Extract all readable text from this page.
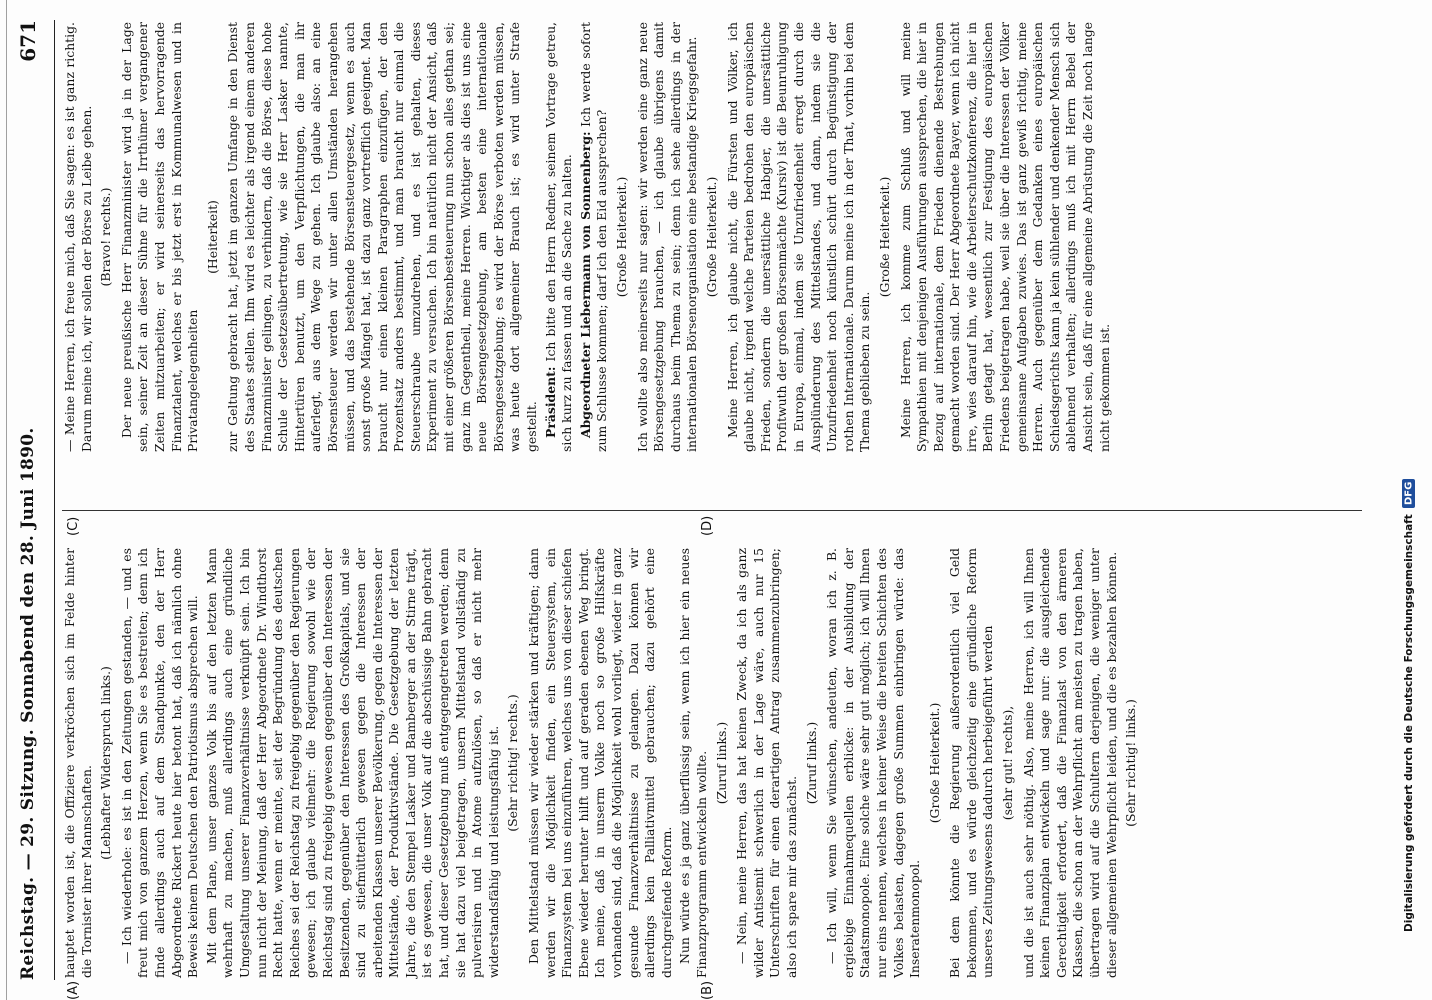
Reichstag. — 29. Sitzung. Sonnabend den 28. Juni 1890.
671
(A)	(B)
(C)	(D)

hauptet worden ist, die Offiziere verkröchen sich im Felde hinter die Tornister ihrer Mannschaften.

(Lebhafter Widerspruch links.) — Ich wiederhole: es ist in den Zeitungen gestanden, — und es freut mich von ganzem Herzen, wenn Sie es bestreiten; denn ich finde allerdings auch auf dem Standpunkte, den der Herr Abgeordnete Rickert heute hier betont hat, daß ich nämlich ohne Beweis keinem Deutschen den Patriotismus absprechen will. Mit dem Plane, unser ganzes Volk bis auf den letzten Mann wehrhaft zu machen, muß allerdings auch eine gründliche Umgestaltung unserer Finanzverhältnisse verknüpft sein. Ich bin nun nicht der Meinung, daß der Herr Abgeordnete Dr. Windthorst Recht hatte, wenn er meinte, seit der Begründung des deutschen Reiches sei der Reichstag zu freigebig gegenüber den Regierungen gewesen; ich glaube vielmehr: die Regierung sowohl wie der Reichstag sind zu freigebig gewesen gegenüber den Interessen der Besitzenden, gegenüber den Interessen des Großkapitals, und sie sind zu stiefmütterlich gewesen gegen die Interessen der arbeitenden Klassen unserer Bevölkerung, gegen die Interessen der Mittelstände, der Produktivstände. Die Gesetzgebung der letzten Jahre, die den Stempel Lasker und Bamberger an der Stirne trägt, ist es gewesen, die unser Volk auf die abschüssige Bahn gebracht hat, und dieser Gesetzgebung muß entgegengetreten werden; denn sie hat dazu viel beigetragen, unsern Mittelstand vollständig zu pulverisiren und in Atome aufzulösen, so daß er nicht mehr widerstandsfähig und leistungsfähig ist. (Sehr richtig! rechts.) Den Mittelstand müssen wir wieder stärken und kräftigen; dann werden wir die Möglichkeit finden, ein Steuersystem, ein Finanzsystem bei uns einzuführen, welches uns von dieser schiefen Ebene wieder herunter hilft und auf geraden ebenen Weg bringt. Ich meine, daß in unserm Volke noch so große Hilfskräfte vorhanden sind, daß die Möglichkeit wohl vorliegt, wieder in ganz gesunde Finanzverhältnisse zu gelangen. Dazu können wir allerdings kein Palliativmittel gebrauchen; dazu gehört eine durchgreifende Reform. Nun würde es ja ganz überflüssig sein, wenn ich hier ein neues Finanzprogramm entwickeln wollte. (Zuruf links.) — Nein, meine Herren, das hat keinen Zweck, da ich als ganz wilder Antisemit schwerlich in der Lage wäre, auch nur 15 Unterschriften für einen derartigen Antrag zusammenzubringen; also ich spare mir das zunächst.

(Zuruf links.) — Ich will, wenn Sie wünschen, andeuten, woran ich z. B. ergiebige Einnahmequellen erblicke: in der Ausbildung der Staatsmonopole. Eine solche wäre sehr gut möglich; ich will Ihnen nur eins nennen, welches in keiner Weise die breiten Schichten des Volkes belasten, dagegen große Summen einbringen würde: das Inseratenmonopol.

(Große Heiterkeit.) Bei dem könnte die Regierung außerordentlich viel Geld bekommen, und es würde gleichzeitig eine gründliche Reform unseres Zeitungswesens dadurch herbeigeführt werden (sehr gut! rechts), und die ist auch sehr nöthig. Also, meine Herren, ich will Ihnen keinen Finanzplan entwickeln und sage nur: die ausgleichende Gerechtigkeit erfordert, daß die Finanzlast von den ärmeren Klassen, die schon an der Wehrpflicht am meisten zu tragen haben, übertragen wird auf die Schultern derjenigen, die weniger unter dieser allgemeinen Wehrpflicht leiden, und die es bezahlen können. (Sehr richtig! links.)

— Meine Herren, ich freue mich, daß Sie sagen: es ist ganz richtig. Darum meine ich, wir sollen der Börse zu Leibe gehen. (Bravo! rechts.) Der neue preußische Herr Finanzminister wird ja in der Lage sein, seiner Zeit an dieser Sühne für die Irrthümer vergangener Zeiten mitzuarbeiten; er wird seinerseits das hervorragende Finanztalent, welches er bis jetzt erst in Kommunalwesen und in Privatangelegenheiten

(Heiterkeit) zur Geltung gebracht hat, jetzt im ganzen Umfange in den Dienst des Staates stellen. Ihm wird es leichter als irgend einem anderen Finanzminister gelingen, zu verhindern, daß die Börse, diese hohe Schule der Gesetzesübertretung, wie sie Herr Lasker nannte, Hintertüren benutzt, um den Verpflichtungen, die man ihr auferlegt, aus dem Wege zu gehen. Ich glaube also: an eine Börsensteuer werden wir unter allen Umständen herangehen müssen, und das bestehende Börsensteuergesetz, wenn es auch sonst große Mängel hat, ist dazu ganz vortrefflich geeignet. Man braucht nur einen kleinen Paragraphen einzufügen, der den Prozentsatz anders bestimmt, und man braucht nur einmal die Steuerschraube umzudrehen, und es ist gehalten, dieses Experiment zu versuchen. Ich bin natürlich nicht der Ansicht, daß mit einer größeren Börsenbesteuerung nun schon alles gethan sei; ganz im Gegentheil, meine Herren. Wichtiger als dies ist uns eine neue Börsengesetzgebung, am besten eine internationale Börsengesetzgebung; es wird der Börse verboten werden müssen, was heute dort allgemeiner Brauch ist; es wird unter Strafe gestellt. Präsident: Ich bitte den Herrn Redner, seinem Vortrage getreu, sich kurz zu fassen und an die Sache zu halten. Abgeordneter Liebermann von Sonnenberg: Ich werde sofort zum Schlusse kommen; darf ich den Eid aussprechen? (Große Heiterkeit.) Ich wollte also meinerseits nur sagen: wir werden eine ganz neue Börsengesetzgebung brauchen, — ich glaube übrigens damit durchaus beim Thema zu sein; denn ich sehe allerdings in der internationalen Börsenorganisation eine bestandige Kriegsgefahr. (Große Heiterkeit.) Meine Herren, ich glaube nicht, die Fürsten und Völker, ich glaube nicht, irgend welche Parteien bedrohen den europäischen Frieden, sondern die unersättliche Habgier, die unersättliche Profitwuth der großen Börsenmächte (Kursiv) ist die Beunruhigung in Europa, einmal, indem sie Unzufriedenheit erregt durch die Ausplünderung des Mittelstandes, und dann, indem sie die Unzufriedenheit noch künstlich schürt durch Begünstigung der rothen Internationale. Darum meine ich in der That, vorhin bei dem Thema geblieben zu sein.

(Große Heiterkeit.) Meine Herren, ich komme zum Schluß und will meine Sympathien mit denjenigen Ausführungen aussprechen, die hier in Bezug auf internationale, dem Frieden dienende Bestrebungen gemacht worden sind. Der Herr Abgeordnete Bayer, wenn ich nicht irre, wies darauf hin, wie die Arbeiterschutzkonferenz, die hier in Berlin getagt hat, wesentlich zur Festigung des europäischen Friedens beigetragen habe, weil sie über die Interessen der Völker gemeinsame Aufgaben zuwies. Das ist ganz gewiß richtig, meine Herren. Auch gegenüber dem Gedanken eines europäischen Schiedsgerichts kann ja kein sühlender und denkender Mensch sich ablehnend verhalten; allerdings muß ich mit Herrn Bebel der Ansicht sein, daß für eine allgemeine Abrüstung die Zeit noch lange nicht gekommen ist.

Digitalisierung gefördert durch die Deutsche Forschungsgemeinschaft
DFG
